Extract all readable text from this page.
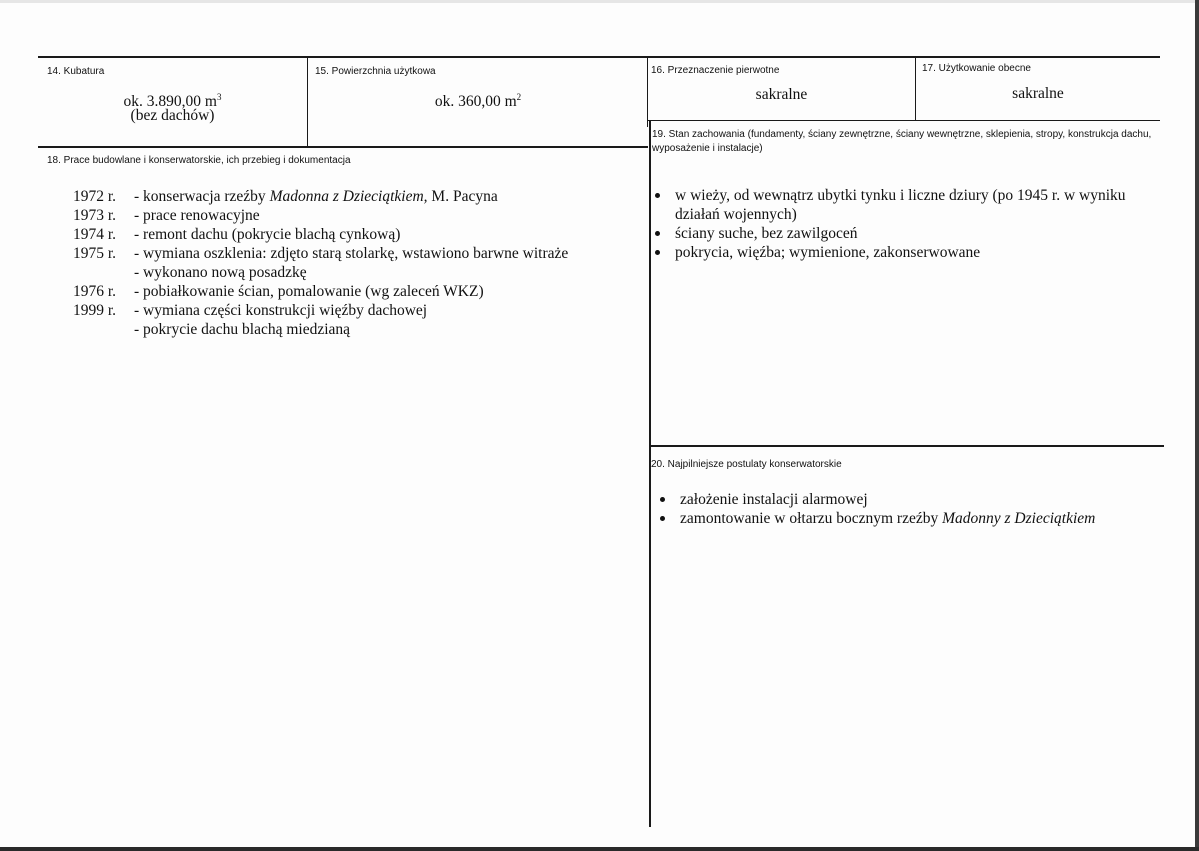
14. Kubatura
ok. 3.890,00 $m^3$
(bez dachów)
15. Powierzchnia użytkowa
ok. 360,00 $m^2$
16. Przeznaczenie pierwotne
sakralne
17. Użytkowanie obecne
sakralne
18. Prace budowlane i konserwatorskie, ich przebieg i dokumentacja
1972 r.	- konserwacja rzeźby Madonna z Dzieciątkiem, M. Pacyna
1973 r.	- prace renowacyjne
1974 r.	- remont dachu (pokrycie blachą cynkową)
1975 r.	- wymiana oszklenia: zdjęto starą stolarkę, wstawiono barwne witraże
- wykonano nową posadzkę
1976 r.	- pobiałkowanie ścian, pomalowanie (wg zaleceń WKZ)
1999 r.	- wymiana części konstrukcji więźby dachowej
- pokrycie dachu blachą miedzianą
19. Stan zachowania (fundamenty, ściany zewnętrzne, ściany wewnętrzne, sklepienia, stropy, konstrukcja dachu, wyposażenie i instalacje)
w wieży, od wewnątrz ubytki tynku i liczne dziury (po 1945 r. w wyniku działań wojennych)
ściany suche, bez zawilgoceń
pokrycia, więźba; wymienione, zakonserwowane
20. Najpilniejsze postulaty konserwatorskie
założenie instalacji alarmowej
zamontowanie w ołtarzu bocznym rzeźby Madonny z Dzieciątkiem
